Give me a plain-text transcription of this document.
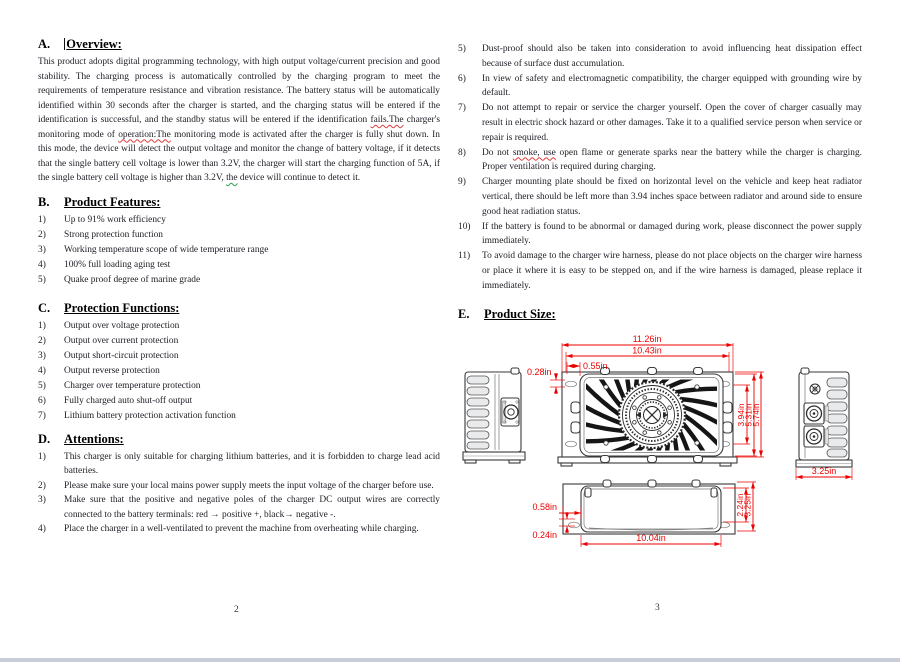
A.	Overview:

This product adopts digital programming technology, with high output voltage/current precision and good stability. The charging process is automatically controlled by the charging program to meet the requirements of temperature resistance and vibration resistance. The battery status will be automatically identified within 30 seconds after the charger is started, and the charging status will be entered if the identification is successful, and the standby status will be entered if the identification fails.The charger's monitoring mode of operation:The monitoring mode is activated after the charger is fully shut down. In this mode, the device will detect the output voltage and monitor the change of battery voltage, if it detects that the single battery cell voltage is lower than 3.2V, the charger will start the charging function of 5A, if the single battery cell voltage is higher than 3.2V, the device will continue to detect it.

B.	Product Features:
1)	Up to 91% work efficiency
2)	Strong protection function
3)	Working temperature scope of wide temperature range
4)	100% full loading aging test
5)	Quake proof degree of marine grade
C.	Protection Functions:
1)	Output over voltage protection
2)	Output over current protection
3)	Output short-circuit protection
4)	Output reverse protection
5)	Charger over temperature protection
6)	Fully charged auto shut-off output
7)	Lithium battery protection activation function
D.	Attentions:
1)	This charger is only suitable for charging lithium batteries, and it is forbidden to charge lead acid batteries.
2)	Please make sure your local mains power supply meets the input voltage of the charger before use.
3)	Make sure that the positive and negative poles of the charger DC output wires are correctly connected to the battery terminals: red → positive +, black→ negative -.
4)	Place the charger in a well-ventilated to prevent the machine from overheating while charging.
5)	Dust-proof should also be taken into consideration to avoid influencing heat dissipation effect because of surface dust accumulation.
6)	In view of safety and electromagnetic compatibility, the charger equipped with grounding wire by default.
7)	Do not attempt to repair or service the charger yourself. Open the cover of charger casually may result in electric shock hazard or other damages. Take it to a qualified service person when service or repair is required.
8)	Do not smoke, use open flame or generate sparks near the battery while the charger is charging. Proper ventilation is required during charging.
9)	Charger mounting plate should be fixed on horizontal level on the vehicle and keep heat radiator vertical, there should be left more than 3.94 inches space between radiator and around side to ensure good heat radiation status.
10)	If the battery is found to be abnormal or damaged during work, please disconnect the power supply immediately.
11)	To avoid damage to the charger wire harness, please do not place objects on the charger wire harness or place it where it is easy to be stepped on, and if the wire harness is damaged, please replace it immediately.
E.	Product Size:
11.26in
10.43in
0.55in
0.28in
3.94in
5.31in
5.74in
3.25in
0.58in
0.24in	10.04in
2.24in
3.25in
2	3
